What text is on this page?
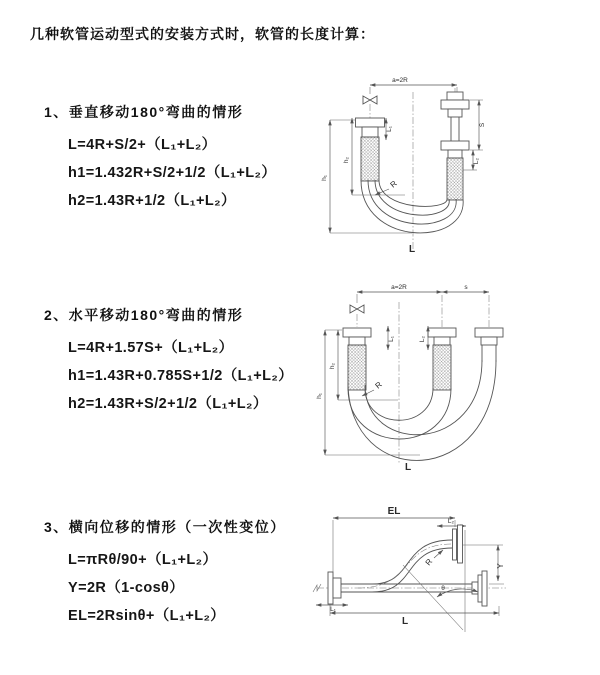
几种软管运动型式的安装方式时，软管的长度计算：
1、垂直移动180°弯曲的情形
L=4R+S/2+（L₁+L₂）
h1=1.432R+S/2+1/2（L₁+L₂）
h2=1.43R+1/2（L₁+L₂）
2、水平移动180°弯曲的情形
L=4R+1.57S+（L₁+L₂）
h1=1.43R+0.785S+1/2（L₁+L₂）
h2=1.43R+S/2+1/2（L₁+L₂）
3、横向位移的情形（一次性变位）
L=πRθ/90+（L₁+L₂）
Y=2R（1-cosθ）
EL=2Rsinθ+（L₁+L₂）
a=2R
h₁
h₂
L₁
S
L₂
R
L
a=2R	s
h₁
h₂
L₁	L₂
R
L
EL
L₂
θ
R	Y
L₁
L
